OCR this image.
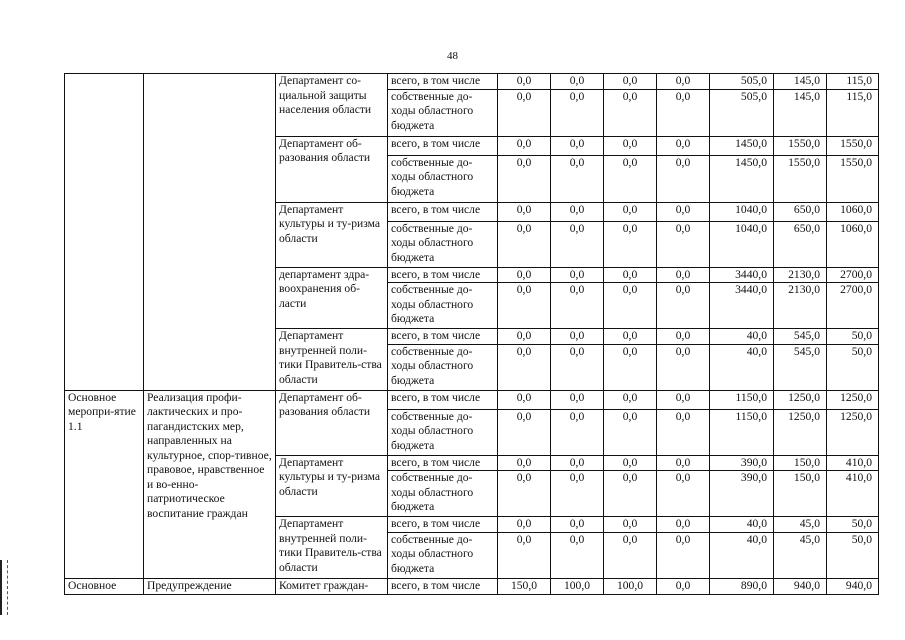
48
		Департамент со-циальной защиты населения области	всего, в том числе	0,0	0,0	0,0	0,0	505,0	145,0	115,0
			собственные до-ходы областного бюджета	0,0	0,0	0,0	0,0	505,0	145,0	115,0
		Департамент об-разования области	всего, в том числе	0,0	0,0	0,0	0,0	1450,0	1550,0	1550,0
			собственные до-ходы областного бюджета	0,0	0,0	0,0	0,0	1450,0	1550,0	1550,0
		Департамент культуры и ту-ризма области	всего, в том числе	0,0	0,0	0,0	0,0	1040,0	650,0	1060,0
			собственные до-ходы областного бюджета	0,0	0,0	0,0	0,0	1040,0	650,0	1060,0
		департамент здра-воохранения об-ласти	всего, в том числе	0,0	0,0	0,0	0,0	3440,0	2130,0	2700,0
			собственные до-ходы областного бюджета	0,0	0,0	0,0	0,0	3440,0	2130,0	2700,0
		Департамент внутренней поли-тики Правитель-ства области	всего, в том числе	0,0	0,0	0,0	0,0	40,0	545,0	50,0
			собственные до-ходы областного бюджета	0,0	0,0	0,0	0,0	40,0	545,0	50,0
Основное меропри-ятие 1.1	Реализация профи-лактических и про-пагандистских мер, направленных на культурное, спор-тивное, правовое, нравственное и во-енно-патриотическое воспитание граждан	Департамент об-разования области	всего, в том числе	0,0	0,0	0,0	0,0	1150,0	1250,0	1250,0
			собственные до-ходы областного бюджета	0,0	0,0	0,0	0,0	1150,0	1250,0	1250,0
		Департамент культуры и ту-ризма области	всего, в том числе	0,0	0,0	0,0	0,0	390,0	150,0	410,0
			собственные до-ходы областного бюджета	0,0	0,0	0,0	0,0	390,0	150,0	410,0
		Департамент внутренней поли-тики Правитель-ства области	всего, в том числе	0,0	0,0	0,0	0,0	40,0	45,0	50,0
			собственные до-ходы областного бюджета	0,0	0,0	0,0	0,0	40,0	45,0	50,0
Основное	Предупреждение	Комитет граждан-	всего, в том числе	150,0	100,0	100,0	0,0	890,0	940,0	940,0
